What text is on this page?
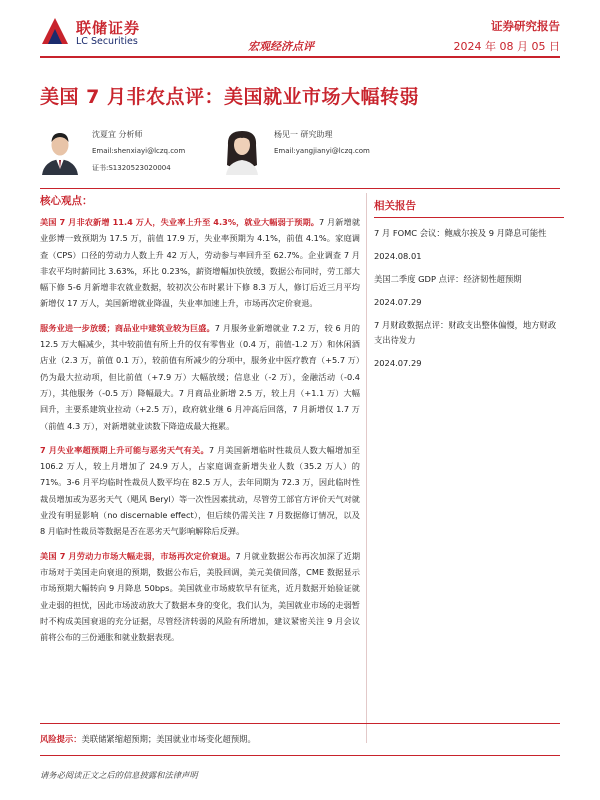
联储证券
LC Securities	宏观经济点评
证券研究报告
2024 年 08 月 05 日
美国 7 月非农点评：美国就业市场大幅转弱
沈夏宜 分析师
Email:shenxiayi@lczq.com
证书:S1320523020004
杨见一 研究助理
Email:yangjianyi@lczq.com
核心观点：

美国 7 月非农新增 11.4 万人，失业率上升至 4.3%，就业大幅弱于预期。7 月新增就业彭博一致预期为 17.5 万，前值 17.9 万，失业率预期为 4.1%，前值 4.1%。家庭调查（CPS）口径的劳动力人数上升 42 万人，劳动参与率回升至 62.7%。企业调查 7 月非农平均时薪同比 3.63%，环比 0.23%，薪资增幅加快放缓，数据公布同时，劳工部大幅下修 5-6 月新增非农就业数据，较初次公布时累计下修 8.3 万人，修订后近三月平均新增仅 17 万人，美国新增就业降温，失业率加速上升，市场再次定价衰退。

服务业进一步放缓；商品业中建筑业较为巨盛。7 月服务业新增就业 7.2 万，较 6 月的 12.5 万大幅减少，其中较前值有所上升的仅有零售业（0.4 万，前值-1.2 万）和休闲酒店业（2.3 万，前值 0.1 万），较前值有所减少的分项中，服务业中医疗教育（+5.7 万）仍为最大拉动项，但比前值（+7.9 万）大幅放缓；信息业（-2 万），金融活动（-0.4 万），其他服务（-0.5 万）降幅最大。7 月商品业新增 2.5 万，较上月（+1.1 万）大幅回升，主要系建筑业拉动（+2.5 万），政府就业继 6 月冲高后回落，7 月新增仅 1.7 万（前值 4.3 万），对新增就业读数下降造成最大拖累。

7 月失业率超预期上升可能与恶劣天气有关。7 月美国新增临时性裁员人数大幅增加至 106.2 万人，较上月增加了 24.9 万人，占家庭调查新增失业人数（35.2 万人）的 71%。3-6 月平均临时性裁员人数平均在 82.5 万人，去年同期为 72.3 万，因此临时性裁员增加或为恶劣天气（飓风 Beryl）等一次性因素扰动，尽管劳工部官方评价天气对就业没有明显影响（no discernable effect），但后续仍需关注 7 月数据修订情况，以及 8 月临时性裁员等数据是否在恶劣天气影响解除后反弹。

美国 7 月劳动力市场大幅走弱，市场再次定价衰退。7 月就业数据公布再次加深了近期市场对于美国走向衰退的预期，数据公布后，美股回调，美元美债回落，CME 数据显示市场预期大幅转向 9 月降息 50bps。美国就业市场疲软早有征兆，近月数据开始验证就业走弱的担忧，因此市场波动放大了数据本身的变化，我们认为，美国就业市场的走弱暂时不构成美国衰退的充分证据，尽管经济转弱的风险有所增加，建议紧密关注 9 月会议前将公布的三份通胀和就业数据表现。

相关报告
7 月 FOMC 会议：鲍威尔挨及 9 月降息可能性
2024.08.01
美国二季度 GDP 点评：经济韧性超预期
2024.07.29
7 月财政数据点评：财政支出整体偏慢，地方财政支出待发力
2024.07.29
风险提示：美联储紧缩超预期；美国就业市场变化超预期。
请务必阅读正文之后的信息披露和法律声明
